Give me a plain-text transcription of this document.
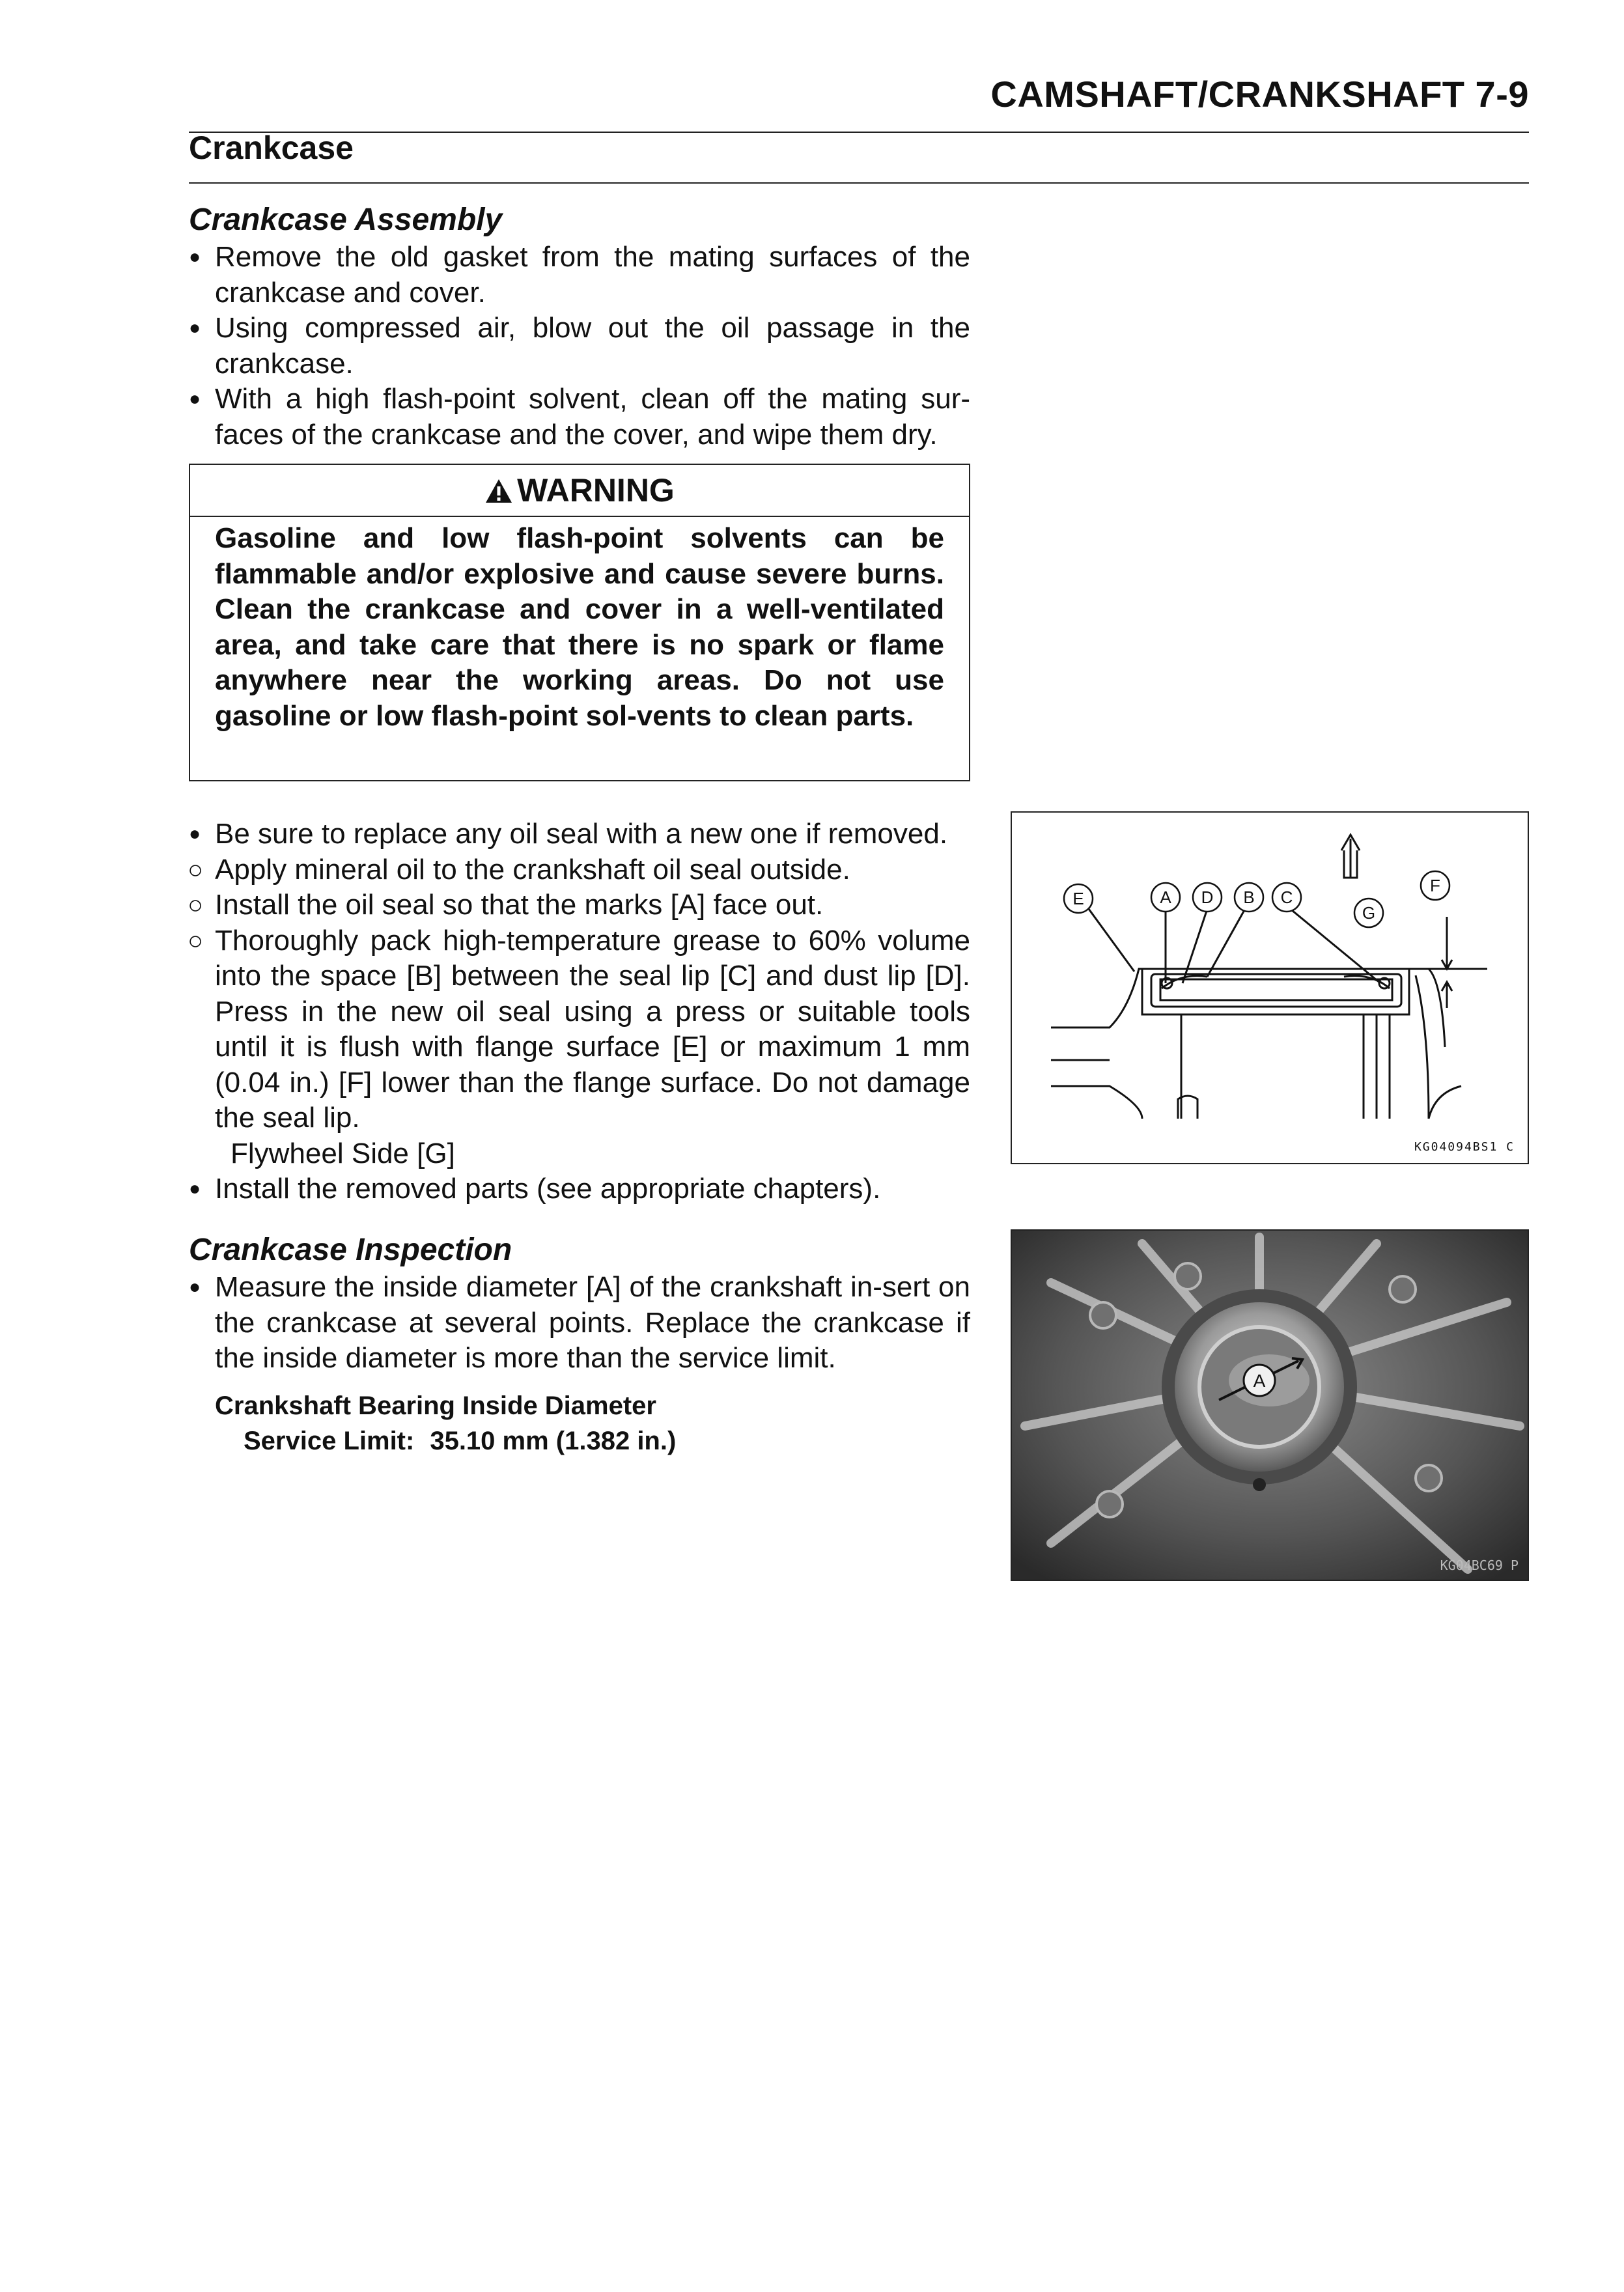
CAMSHAFT/CRANKSHAFT 7-9
Crankcase
Crankcase Assembly
● Remove the old gasket from the mating surfaces of the crankcase and cover.
● Using compressed air, blow out the oil passage in the crankcase.
● With a high flash-point solvent, clean off the mating sur-faces of the crankcase and the cover, and wipe them dry.
WARNING
Gasoline and low flash-point solvents can be flammable and/or explosive and cause severe burns. Clean the crankcase and cover in a well-ventilated area, and take care that there is no spark or flame anywhere near the working areas. Do not use gasoline or low flash-point sol-vents to clean parts.
● Be sure to replace any oil seal with a new one if removed.
○ Apply mineral oil to the crankshaft oil seal outside.
○ Install the oil seal so that the marks [A] face out.
○ Thoroughly pack high-temperature grease to 60% volume into the space [B] between the seal lip [C] and dust lip [D]. Press in the new oil seal using a press or suitable tools until it is flush with flange surface [E] or maximum 1 mm (0.04 in.) [F] lower than the flange surface. Do not damage the seal lip.
Flywheel Side [G]
● Install the removed parts (see appropriate chapters).
Crankcase Inspection
● Measure the inside diameter [A] of the crankshaft in-sert on the crankcase at several points. Replace the crankcase if the inside diameter is more than the service limit.
Crankshaft Bearing Inside Diameter
Service Limit: 35.10 mm (1.382 in.)
E	A D B C
G
F
KG04094BS1 C
A
KG04BC69 P
